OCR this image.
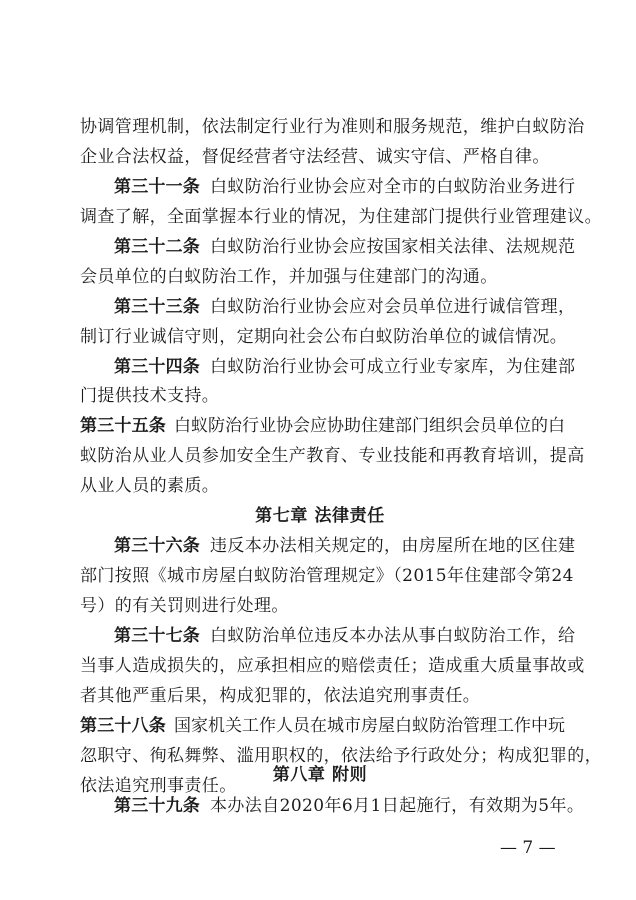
协调管理机制，依法制定行业行为准则和服务规范，维护白蚁防治
企业合法权益，督促经营者守法经营、诚实守信、严格自律。
第三十一条 白蚁防治行业协会应对全市的白蚁防治业务进行
调查了解，全面掌握本行业的情况，为住建部门提供行业管理建议。
第三十二条 白蚁防治行业协会应按国家相关法律、法规规范
会员单位的白蚁防治工作，并加强与住建部门的沟通。
第三十三条 白蚁防治行业协会应对会员单位进行诚信管理，
制订行业诚信守则，定期向社会公布白蚁防治单位的诚信情况。
第三十四条 白蚁防治行业协会可成立行业专家库，为住建部
门提供技术支持。
第三十五条 白蚁防治行业协会应协助住建部门组织会员单位的白
蚁防治从业人员参加安全生产教育、专业技能和再教育培训，提高
从业人员的素质。
第七章 法律责任
第三十六条 违反本办法相关规定的，由房屋所在地的区住建
部门按照《城市房屋白蚁防治管理规定》（2015年住建部令第24
号）的有关罚则进行处理。
第三十七条 白蚁防治单位违反本办法从事白蚁防治工作，给
当事人造成损失的，应承担相应的赔偿责任；造成重大质量事故或
者其他严重后果，构成犯罪的，依法追究刑事责任。
第三十八条 国家机关工作人员在城市房屋白蚁防治管理工作中玩
忽职守、徇私舞弊、滥用职权的，依法给予行政处分；构成犯罪的，
依法追究刑事责任。
第八章 附则
第三十九条 本办法自2020年6月1日起施行，有效期为5年。
— 7 —
